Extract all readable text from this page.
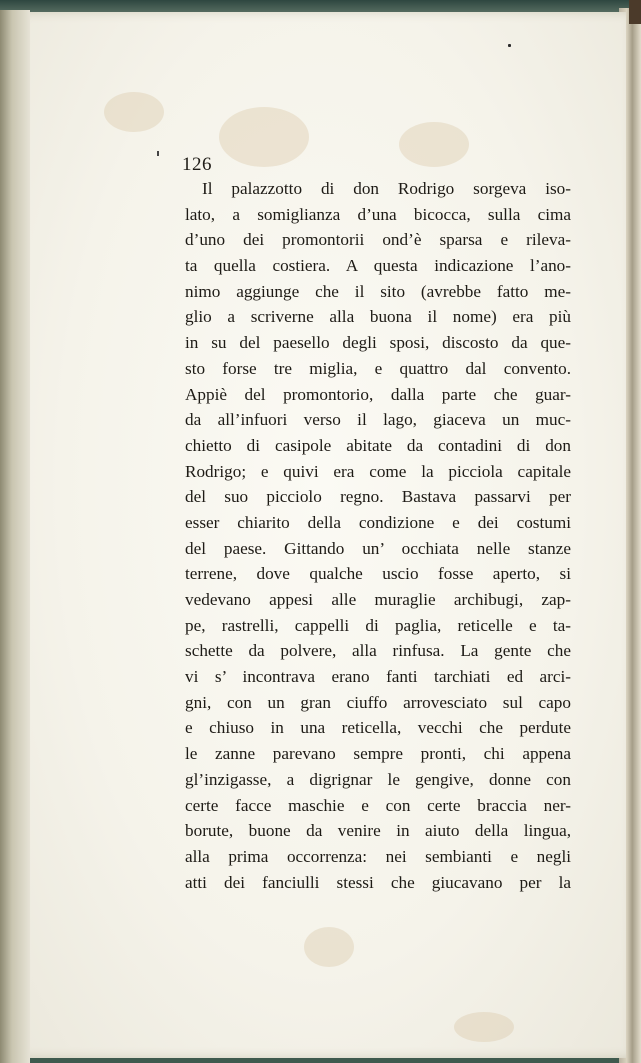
126
Il palazzotto di don Rodrigo sorgeva iso-
lato, a somiglianza d’una bicocca, sulla cima
d’uno dei promontorii ond’è sparsa e rileva-
ta quella costiera. A questa indicazione l’ano-
nimo aggiunge che il sito (avrebbe fatto me-
glio a scriverne alla buona il nome) era più
in su del paesello degli sposi, discosto da que-
sto forse tre miglia, e quattro dal convento.
Appiè del promontorio, dalla parte che guar-
da all’infuori verso il lago, giaceva un muc-
chietto di casipole abitate da contadini di don
Rodrigo; e quivi era come la picciola capitale
del suo picciolo regno. Bastava passarvi per
esser chiarito della condizione e dei costumi
del paese. Gittando un’ occhiata nelle stanze
terrene, dove qualche uscio fosse aperto, si
vedevano appesi alle muraglie archibugi, zap-
pe, rastrelli, cappelli di paglia, reticelle e ta-
schette da polvere, alla rinfusa. La gente che
vi s’ incontrava erano fanti tarchiati ed arci-
gni, con un gran ciuffo arrovesciato sul capo
e chiuso in una reticella, vecchi che perdute
le zanne parevano sempre pronti, chi appena
gl’inzigasse, a digrignar le gengive, donne con
certe facce maschie e con certe braccia ner-
borute, buone da venire in aiuto della lingua,
alla prima occorrenza: nei sembianti e negli
atti dei fanciulli stessi che giucavano per la
